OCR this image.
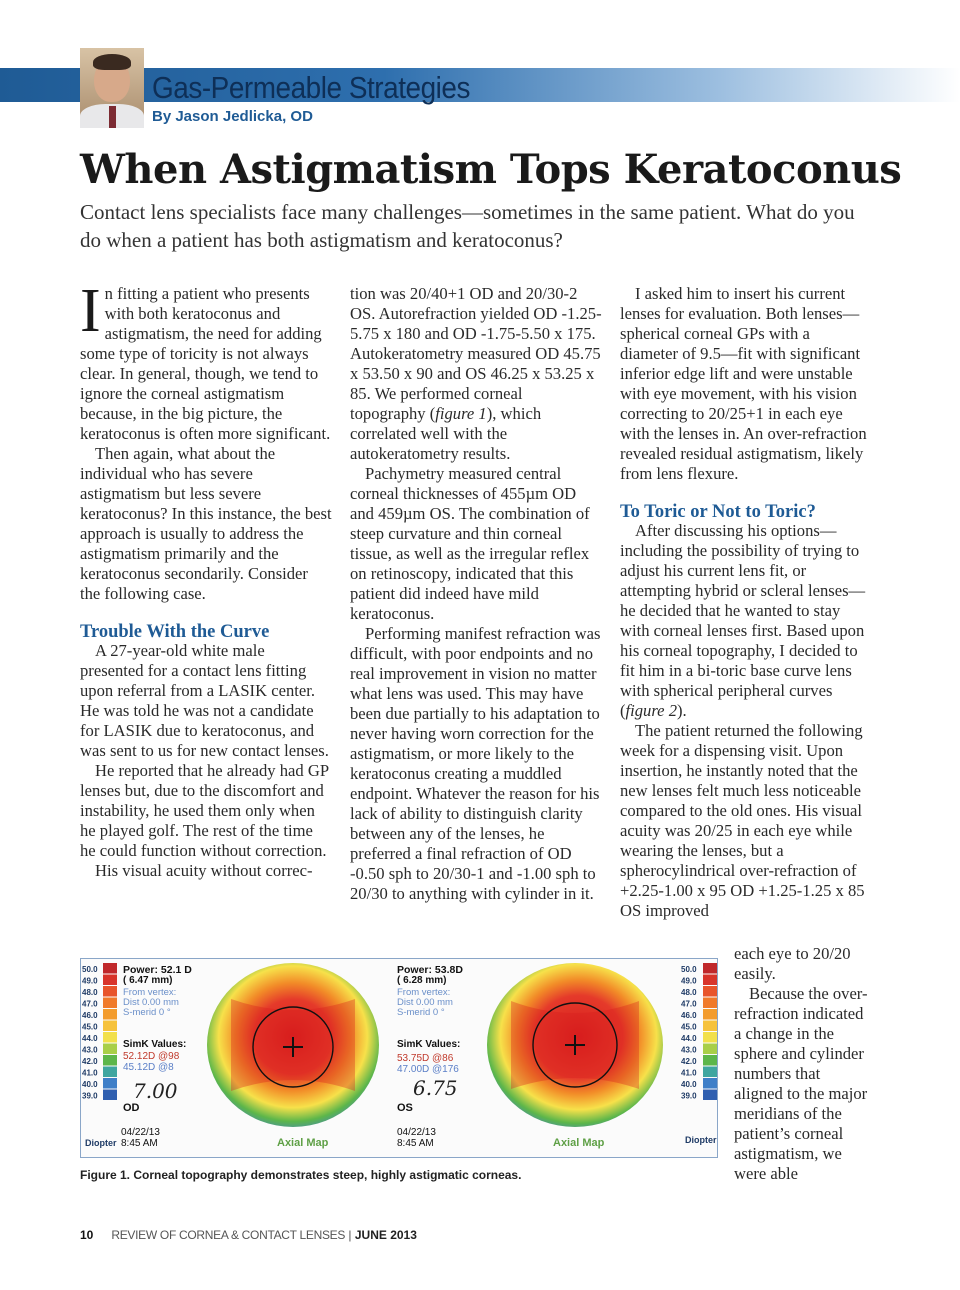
Gas-Permeable Strategies
By Jason Jedlicka, OD
When Astigmatism Tops Keratoconus

Contact lens specialists face many challenges—sometimes in the same patient. What do you do when a patient has both astigmatism and keratoconus?

In fitting a patient who presents with both keratoconus and astigmatism, the need for adding some type of toricity is not always clear. In general, though, we tend to ignore the corneal astigmatism because, in the big picture, the keratoconus is often more significant.

Then again, what about the individual who has severe astigmatism but less severe keratoconus? In this instance, the best approach is usually to address the astigmatism primarily and the keratoconus secondarily. Consider the following case.

Trouble With the Curve

A 27-year-old white male presented for a contact lens fitting upon referral from a LASIK center. He was told he was not a candidate for LASIK due to keratoconus, and was sent to us for new contact lenses.

He reported that he already had GP lenses but, due to the discomfort and instability, he used them only when he played golf. The rest of the time he could function without correction.

His visual acuity without correc-

tion was 20/40+1 OD and 20/30-2 OS. Autorefraction yielded OD -1.25-5.75 x 180 and OD -1.75-5.50 x 175. Autokeratometry measured OD 45.75 x 53.50 x 90 and OS 46.25 x 53.25 x 85. We performed corneal topography (figure 1), which correlated well with the autokeratometry results.

Pachymetry measured central corneal thicknesses of 455µm OD and 459µm OS. The combination of steep curvature and thin corneal tissue, as well as the irregular reflex on retinoscopy, indicated that this patient did indeed have mild keratoconus.

Performing manifest refraction was difficult, with poor endpoints and no real improvement in vision no matter what lens was used. This may have been due partially to his adaptation to never having worn correction for the astigmatism, or more likely to the keratoconus creating a muddled endpoint. Whatever the reason for his lack of ability to distinguish clarity between any of the lenses, he preferred a final refraction of OD -0.50 sph to 20/30-1 and -1.00 sph to 20/30 to anything with cylinder in it.

I asked him to insert his current lenses for evaluation. Both lenses—spherical corneal GPs with a diameter of 9.5—fit with significant inferior edge lift and were unstable with eye movement, with his vision correcting to 20/25+1 in each eye with the lenses in. An over-refraction revealed residual astigmatism, likely from lens flexure.

To Toric or Not to Toric?

After discussing his options—including the possibility of trying to adjust his current lens fit, or attempting hybrid or scleral lenses—he decided that he wanted to stay with corneal lenses first. Based upon his corneal topography, I decided to fit him in a bi-toric base curve lens with spherical peripheral curves (figure 2).

The patient returned the following week for a dispensing visit. Upon insertion, he instantly noted that the new lenses felt much less noticeable compared to the old ones. His visual acuity was 20/25 in each eye while wearing the lenses, but a spherocylindrical over-refraction of +2.25-1.00 x 95 OD +1.25-1.25 x 85 OS improved

each eye to 20/20 easily.

Because the over-refraction indicated a change in the sphere and cylinder numbers that aligned to the major meridians of the patient’s corneal astigmatism, we were able

50.0
49.0
48.0
47.0
46.0
45.0
44.0
43.0
42.0
41.0
40.0
39.0
Diopter
50.0
49.0
48.0
47.0
46.0
45.0
44.0
43.0
42.0
41.0
40.0
39.0
Diopter
Power: 52.1 D
( 6.47 mm)
From vertex:
Dist 0.00 mm
S-merid 0 °
SimK Values:
52.12D @98
45.12D @8
7.00
OD
04/22/13
8:45 AM	Axial Map
Power: 53.8D
( 6.28 mm)
From vertex:
Dist 0.00 mm
S-merid 0 °
SimK Values:
53.75D @86
47.00D @176
6.75
OS
04/22/13
8:45 AM	Axial Map
Figure 1. Corneal topography demonstrates steep, highly astigmatic corneas.
10 REVIEW OF CORNEA & CONTACT LENSES | JUNE 2013
